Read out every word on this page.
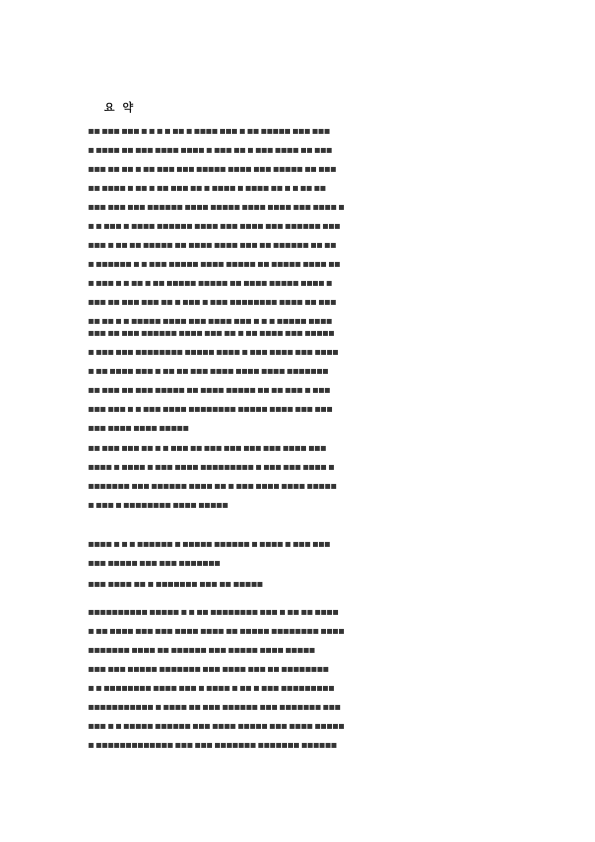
요 약
■■ ■■■ ■■■ ■ ■ ■ ■ ■■ ■ ■■■■ ■■■ ■ ■■ ■■■■■ ■■■ ■■■
■ ■■■■ ■■ ■■■ ■■■■ ■■■■ ■ ■■■ ■■ ■ ■■■ ■■■■ ■■ ■■■
■■■ ■■ ■■ ■ ■■ ■■■ ■■■ ■■■■■ ■■■■ ■■■ ■■■■■ ■■ ■■■
■■ ■■■■ ■ ■■ ■ ■■ ■■■ ■■ ■ ■■■■ ■ ■■■■ ■■ ■ ■ ■■ ■■
■■■ ■■■ ■■■ ■■■■■■ ■■■■ ■■■■■ ■■■■ ■■■■ ■■■ ■■■■ ■
■ ■ ■■■ ■ ■■■■ ■■■■■■ ■■■■ ■■■ ■■■■ ■■■ ■■■■■■ ■■■
■■■ ■ ■■ ■■ ■■■■■ ■■ ■■■■ ■■■■ ■■■ ■■ ■■■■■■ ■■ ■■
■ ■■■■■■ ■ ■ ■■■ ■■■■■ ■■■■ ■■■■■ ■■ ■■■■■ ■■■■ ■■
■ ■■■ ■ ■ ■■ ■ ■■ ■■■■■ ■■■■■ ■■ ■■■■ ■■■■■ ■■■■ ■
■■■ ■■ ■■■ ■■■ ■■ ■ ■■■ ■ ■■■ ■■■■■■■■ ■■■■ ■■ ■■■
■■ ■■ ■ ■ ■■■■■ ■■■■ ■■■ ■■■■ ■■■ ■ ■ ■ ■■■■■ ■■■■
■■■ ■■ ■■■ ■■■■■■ ■■■■ ■■■ ■■ ■ ■■ ■■■■ ■■■ ■■■■■
■ ■■■ ■■■ ■■■■■■■■ ■■■■■ ■■■■ ■ ■■■ ■■■■ ■■■ ■■■■
■ ■■ ■■■■ ■■■ ■ ■■ ■■ ■■■ ■■■■ ■■■■ ■■■■ ■■■■■■■
■■ ■■■ ■■ ■■■ ■■■■■ ■■ ■■■■ ■■■■■ ■■ ■■ ■■■ ■ ■■■
■■■ ■■■ ■ ■ ■■■ ■■■■ ■■■■■■■■ ■■■■■ ■■■■ ■■■ ■■■
■■■ ■■■■ ■■■■ ■■■■■
■■ ■■■ ■■■ ■■ ■ ■ ■■■ ■■ ■■■ ■■■ ■■■ ■■■ ■■■■ ■■■
■■■■ ■ ■■■■ ■ ■■■ ■■■■ ■■■■■■■■■ ■ ■■■ ■■■ ■■■■ ■
■■■■■■■ ■■■ ■■■■■■ ■■■■ ■■ ■ ■■■ ■■■■ ■■■■ ■■■■■
■ ■■■ ■ ■■■■■■■■ ■■■■ ■■■■■
■■■■ ■ ■ ■ ■■■■■■ ■ ■■■■■ ■■■■■■ ■ ■■■■ ■ ■■■ ■■■
■■■ ■■■■■ ■■■ ■■■ ■■■■■■■
■■■ ■■■■ ■■ ■ ■■■■■■■ ■■■ ■■ ■■■■■
■■■■■■■■■■ ■■■■■ ■ ■ ■■ ■ ■■■■■ ■■ ■■■ ■ ■■ ■■ ■■■■
■ ■■ ■■■■ ■■■ ■■■ ■■■■ ■■■■ ■■ ■■■■■ ■■■■■■■■ ■■■■
■■■■■■■ ■■■■ ■■ ■■■■■■ ■■■ ■■■■■ ■■■■ ■■■■■
■■■ ■■■ ■■■■■ ■■■■■■■ ■■■ ■■■■ ■■■ ■■ ■ ■■■■■ ■■
■ ■ ■■■■■■■■ ■■■■ ■■■ ■ ■■■■ ■ ■■ ■ ■■■ ■■■■■■■■■
■■■■■■■■■■■ ■ ■■■■ ■■ ■■■ ■■■■■■ ■■■ ■■■■■■■ ■■■
■■■ ■ ■ ■■■■■ ■■■■■■ ■■■ ■■■■ ■■■■■ ■■■ ■■■■ ■■■■■
■ ■■ ■■■■■ ■■■■■■ ■■■ ■■■ ■■■■■■■ ■■■■■■■ ■■■■■■
